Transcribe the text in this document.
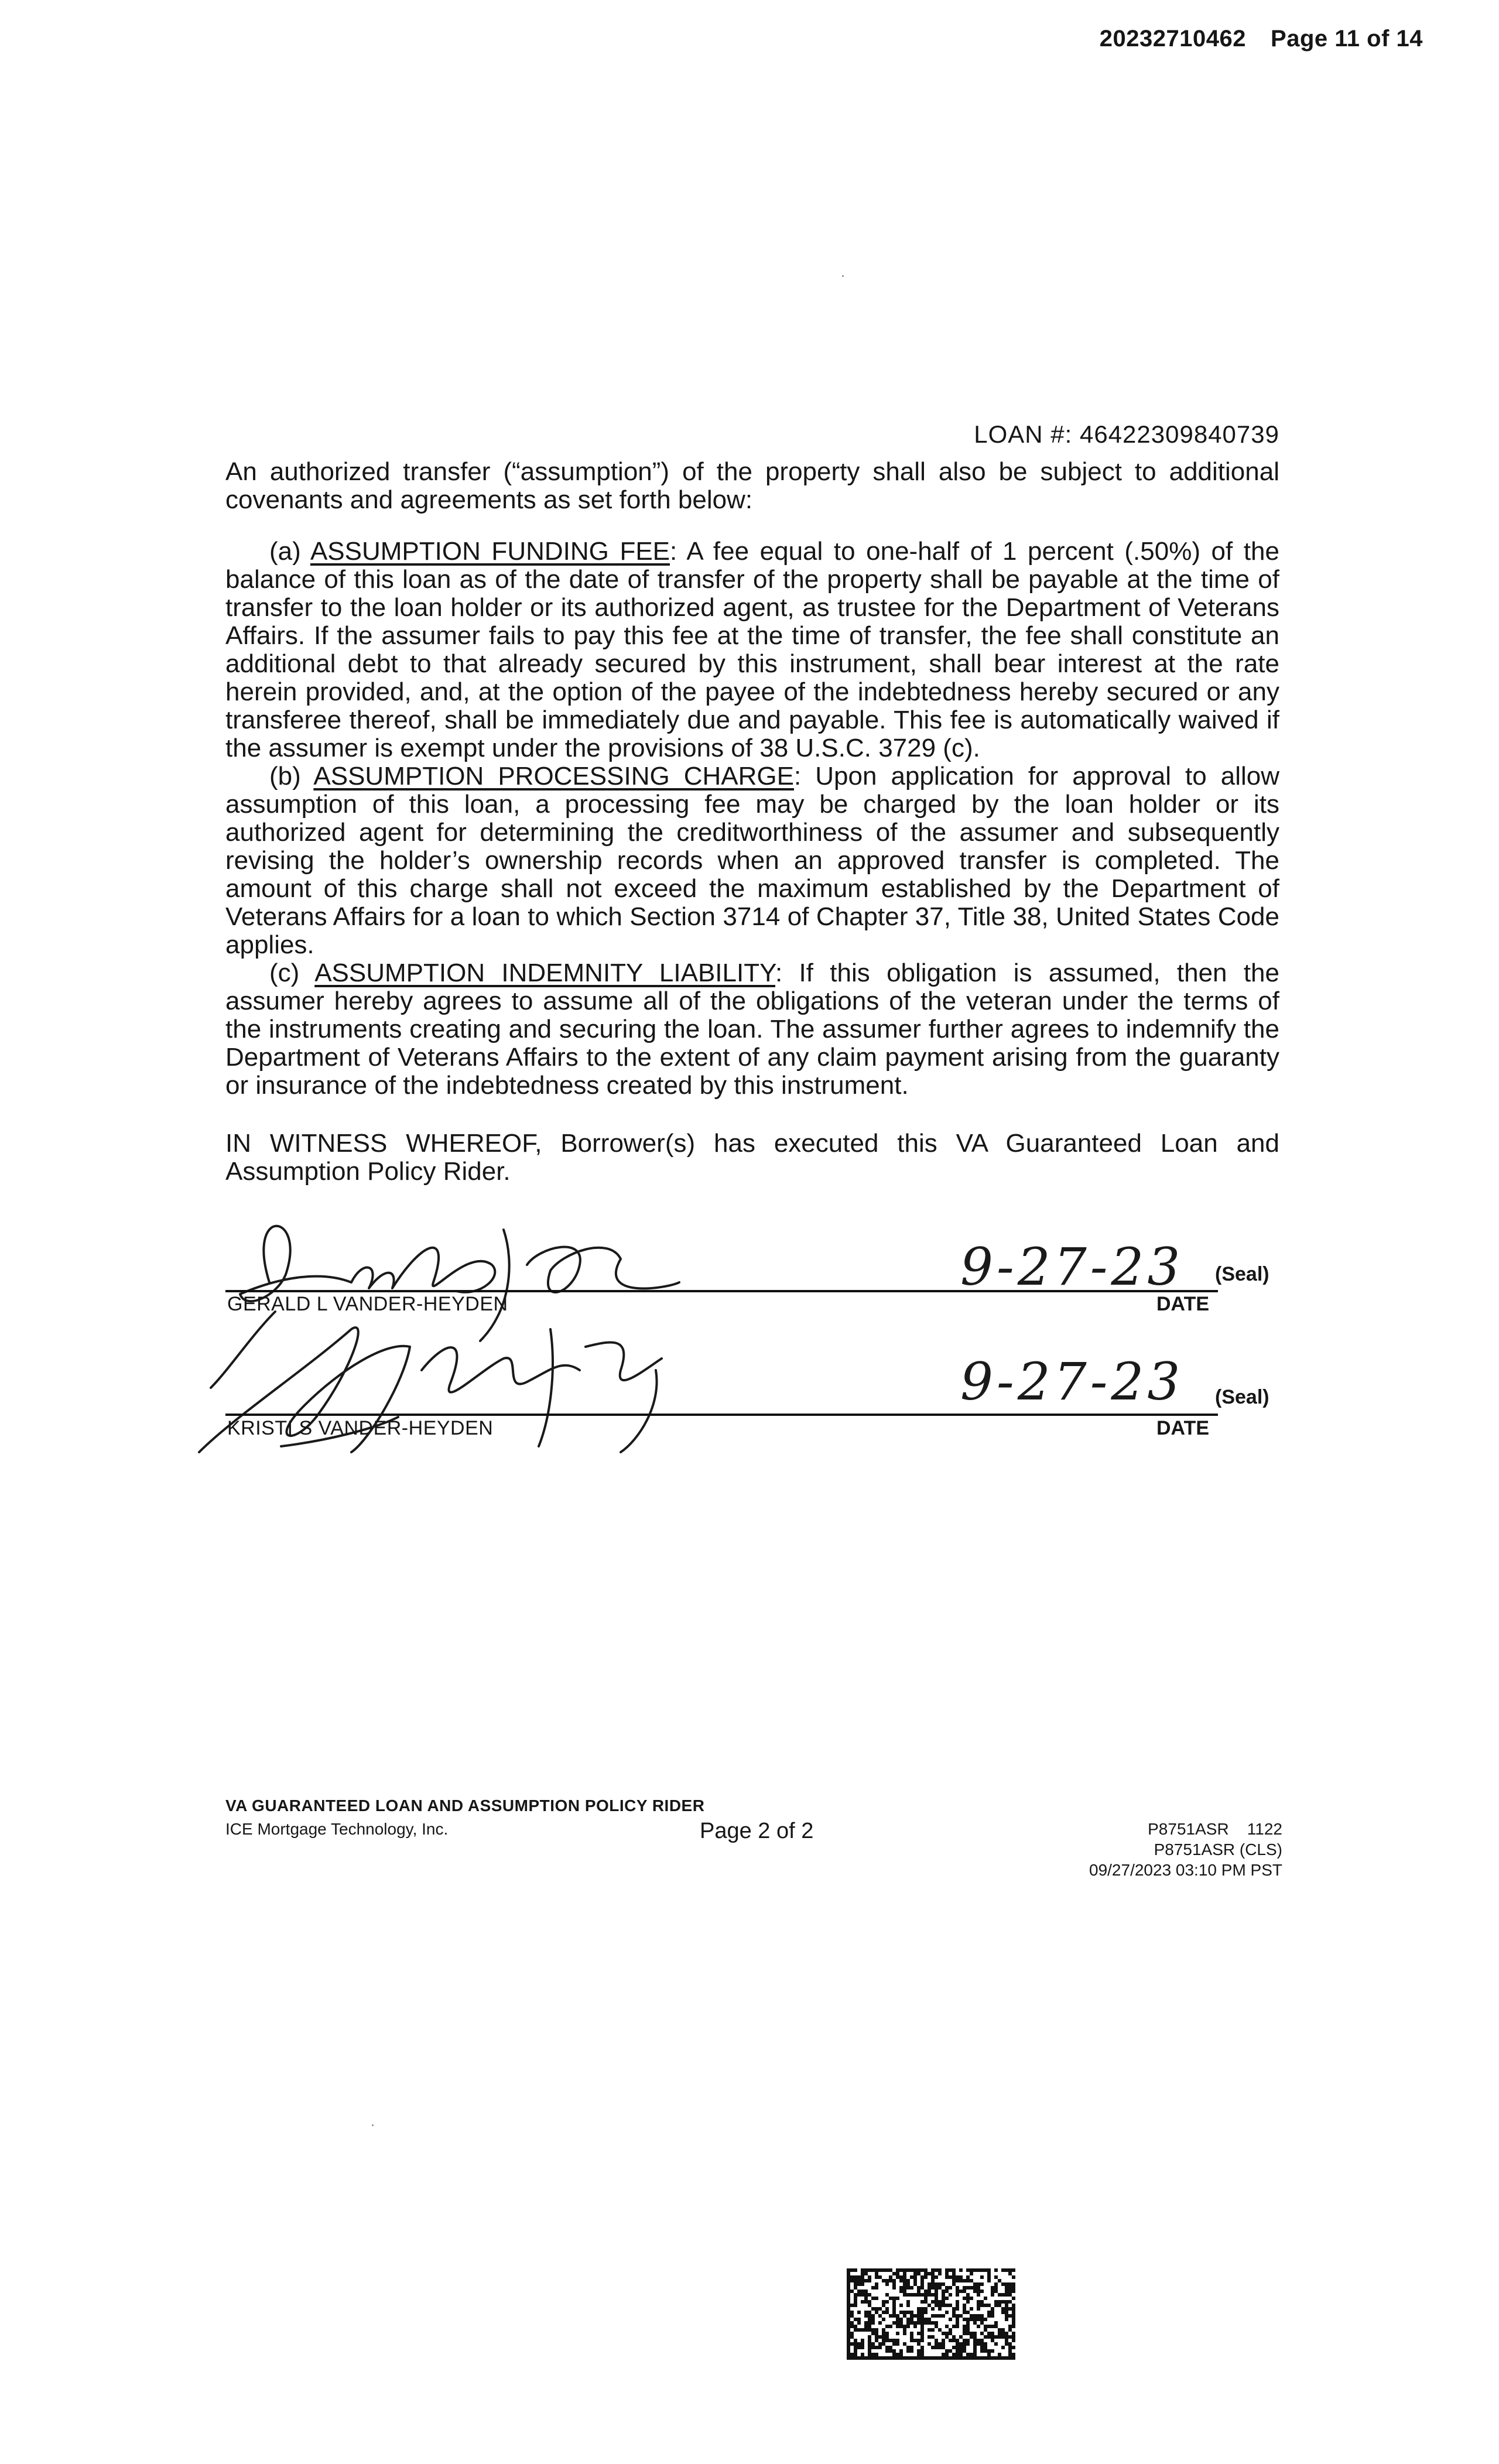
20232710462 Page 11 of 14
LOAN #: 46422309840739

An authorized transfer (“assumption”) of the property shall also be subject to additional covenants and agreements as set forth below:

(a) ASSUMPTION FUNDING FEE: A fee equal to one-half of 1 percent (.50%) of the balance of this loan as of the date of transfer of the property shall be payable at the time of transfer to the loan holder or its authorized agent, as trustee for the Department of Veterans Affairs. If the assumer fails to pay this fee at the time of transfer, the fee shall constitute an additional debt to that already secured by this instrument, shall bear interest at the rate herein provided, and, at the option of the payee of the indebtedness hereby secured or any transferee thereof, shall be immediately due and payable. This fee is automatically waived if the assumer is exempt under the provisions of 38 U.S.C. 3729 (c).

(b) ASSUMPTION PROCESSING CHARGE: Upon application for approval to allow assumption of this loan, a processing fee may be charged by the loan holder or its authorized agent for determining the creditworthiness of the assumer and subsequently revising the holder’s ownership records when an approved transfer is completed. The amount of this charge shall not exceed the maximum established by the Department of Veterans Affairs for a loan to which Section 3714 of Chapter 37, Title 38, United States Code applies.

(c) ASSUMPTION INDEMNITY LIABILITY: If this obligation is assumed, then the assumer hereby agrees to assume all of the obligations of the veteran under the terms of the instruments creating and securing the loan. The assumer further agrees to indemnify the Department of Veterans Affairs to the extent of any claim payment arising from the guaranty or insurance of the indebtedness created by this instrument.

IN WITNESS WHEREOF, Borrower(s) has executed this VA Guaranteed Loan and Assumption Policy Rider.

9-27-23 (Seal)
GERALD L VANDER-HEYDEN	DATE
9-27-23 (Seal)
KRISTI S VANDER-HEYDEN	DATE
VA GUARANTEED LOAN AND ASSUMPTION POLICY RIDER
ICE Mortgage Technology, Inc.	Page 2 of 2	P8751ASR    1122
P8751ASR (CLS)
09/27/2023 03:10 PM PST
